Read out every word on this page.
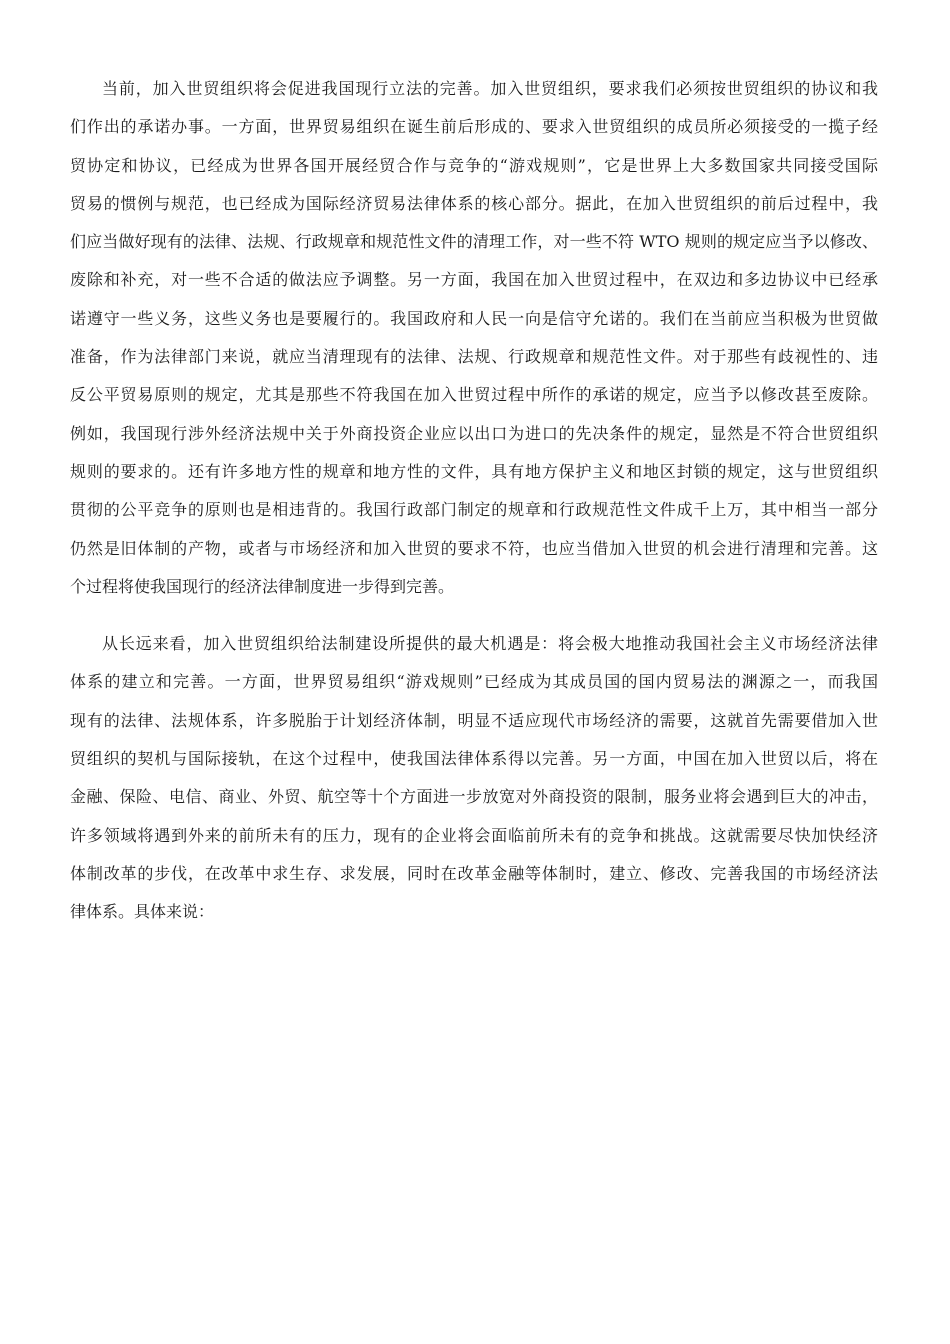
当前，加入世贸组织将会促进我国现行立法的完善。加入世贸组织，要求我们必须按世贸组织的协议和我
们作出的承诺办事。一方面，世界贸易组织在诞生前后形成的、要求入世贸组织的成员所必须接受的一揽子经
贸协定和协议，已经成为世界各国开展经贸合作与竞争的“游戏规则”，它是世界上大多数国家共同接受国际
贸易的惯例与规范，也已经成为国际经济贸易法律体系的核心部分。据此，在加入世贸组织的前后过程中，我
们应当做好现有的法律、法规、行政规章和规范性文件的清理工作，对一些不符 WTO 规则的规定应当予以修改、
废除和补充，对一些不合适的做法应予调整。另一方面，我国在加入世贸过程中，在双边和多边协议中已经承
诺遵守一些义务，这些义务也是要履行的。我国政府和人民一向是信守允诺的。我们在当前应当积极为世贸做
准备，作为法律部门来说，就应当清理现有的法律、法规、行政规章和规范性文件。对于那些有歧视性的、违
反公平贸易原则的规定，尤其是那些不符我国在加入世贸过程中所作的承诺的规定，应当予以修改甚至废除。
例如，我国现行涉外经济法规中关于外商投资企业应以出口为进口的先决条件的规定，显然是不符合世贸组织
规则的要求的。还有许多地方性的规章和地方性的文件，具有地方保护主义和地区封锁的规定，这与世贸组织
贯彻的公平竞争的原则也是相违背的。我国行政部门制定的规章和行政规范性文件成千上万，其中相当一部分
仍然是旧体制的产物，或者与市场经济和加入世贸的要求不符，也应当借加入世贸的机会进行清理和完善。这
个过程将使我国现行的经济法律制度进一步得到完善。
从长远来看，加入世贸组织给法制建设所提供的最大机遇是：将会极大地推动我国社会主义市场经济法律
体系的建立和完善。一方面，世界贸易组织“游戏规则”已经成为其成员国的国内贸易法的渊源之一，而我国
现有的法律、法规体系，许多脱胎于计划经济体制，明显不适应现代市场经济的需要，这就首先需要借加入世
贸组织的契机与国际接轨，在这个过程中，使我国法律体系得以完善。另一方面，中国在加入世贸以后，将在
金融、保险、电信、商业、外贸、航空等十个方面进一步放宽对外商投资的限制，服务业将会遇到巨大的冲击，
许多领域将遇到外来的前所未有的压力，现有的企业将会面临前所未有的竞争和挑战。这就需要尽快加快经济
体制改革的步伐，在改革中求生存、求发展，同时在改革金融等体制时，建立、修改、完善我国的市场经济法
律体系。具体来说：
